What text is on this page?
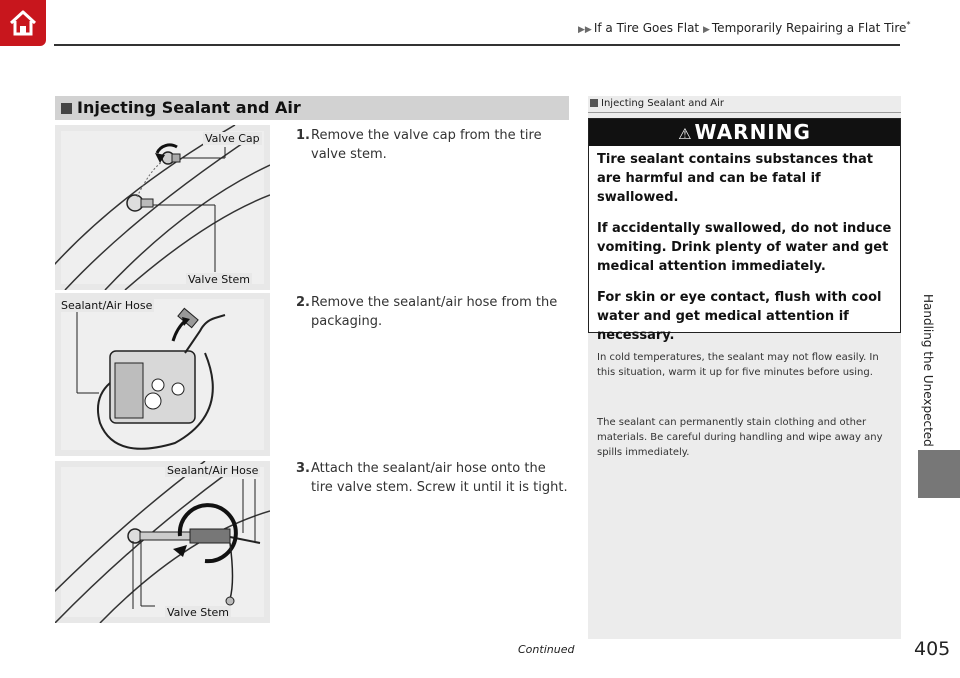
▶▶ If a Tire Goes Flat ▶ Temporarily Repairing a Flat Tire*
Injecting Sealant and Air
Valve Cap
Valve Stem
Sealant/Air Hose
Sealant/Air Hose
Valve Stem
1. Remove the valve cap from the tire valve stem.
2. Remove the sealant/air hose from the packaging.
3. Attach the sealant/air hose onto the tire valve stem. Screw it until it is tight.
Injecting Sealant and Air
⚠ WARNING

Tire sealant contains substances that are harmful and can be fatal if swallowed.

If accidentally swallowed, do not induce vomiting. Drink plenty of water and get medical attention immediately.

For skin or eye contact, flush with cool water and get medical attention if necessary.

In cold temperatures, the sealant may not flow easily. In this situation, warm it up for five minutes before using.
The sealant can permanently stain clothing and other materials. Be careful during handling and wipe away any spills immediately.
Handling the Unexpected
Continued	405
